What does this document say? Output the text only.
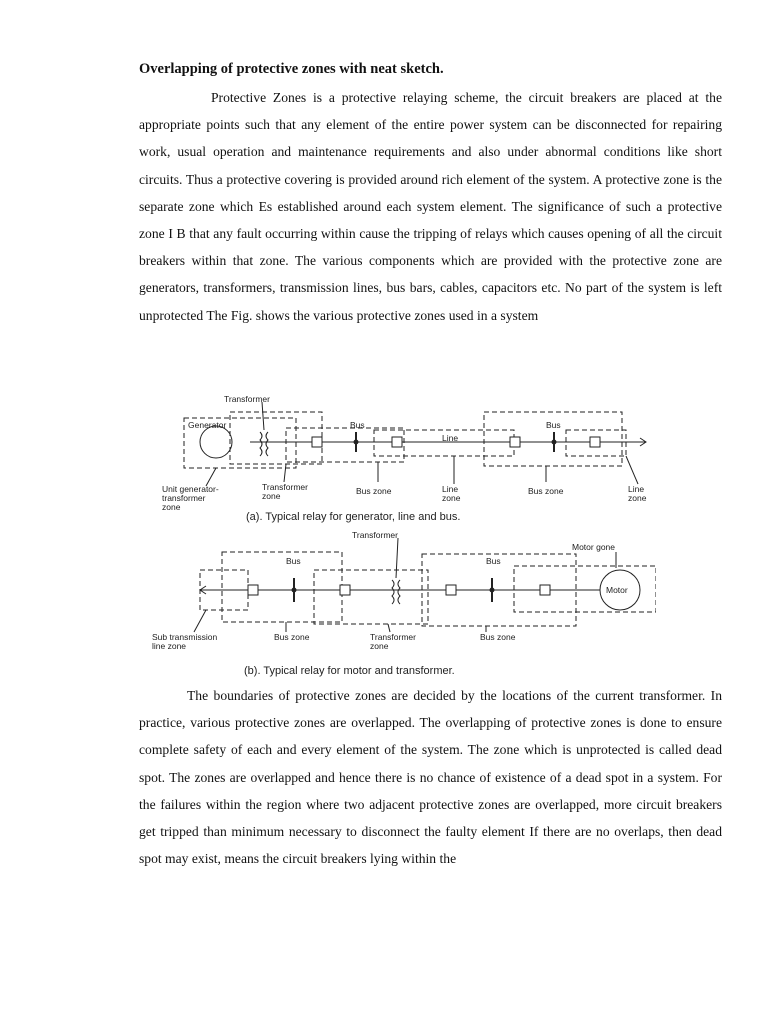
Overlapping of protective zones with neat sketch.

Protective Zones is a protective relaying scheme, the circuit breakers are placed at the appropriate points such that any element of the entire power system can be disconnected for repairing work, usual operation and maintenance requirements and also under abnormal conditions like short circuits. Thus a protective covering is provided around rich element of the system. A protective zone is the separate zone which Es established around each system element. The significance of such a protective zone I B that any fault occurring within cause the tripping of relays which causes opening of all the circuit breakers within that zone. The various components which are provided with the protective zone are generators, transformers, transmission lines, bus bars, cables, capacitors etc. No part of the system is left unprotected The Fig. shows the various protective zones used in a system

Transformer
Generator	Bus
Line
Bus
Unit generator-
transformer
zone
Transformer
zone	Bus zone	Line
zone
Bus zone	Line
zone
(a). Typical relay for generator, line and bus.
Transformer
Motor gone
Bus	Bus
Motor
Sub transmission
line zone
Bus zone	Transformer
zone
Bus zone
(b). Typical relay for motor and transformer.

The boundaries of protective zones are decided by the locations of the current transformer. In practice, various protective zones are overlapped. The overlapping of protective zones is done to ensure complete safety of each and every element of the system. The zone which is unprotected is called dead spot. The zones are overlapped and hence there is no chance of existence of a dead spot in a system. For the failures within the region where two adjacent protective zones are overlapped, more circuit breakers get tripped than minimum necessary to disconnect the faulty element If there are no overlaps, then dead spot may exist, means the circuit breakers lying within the
